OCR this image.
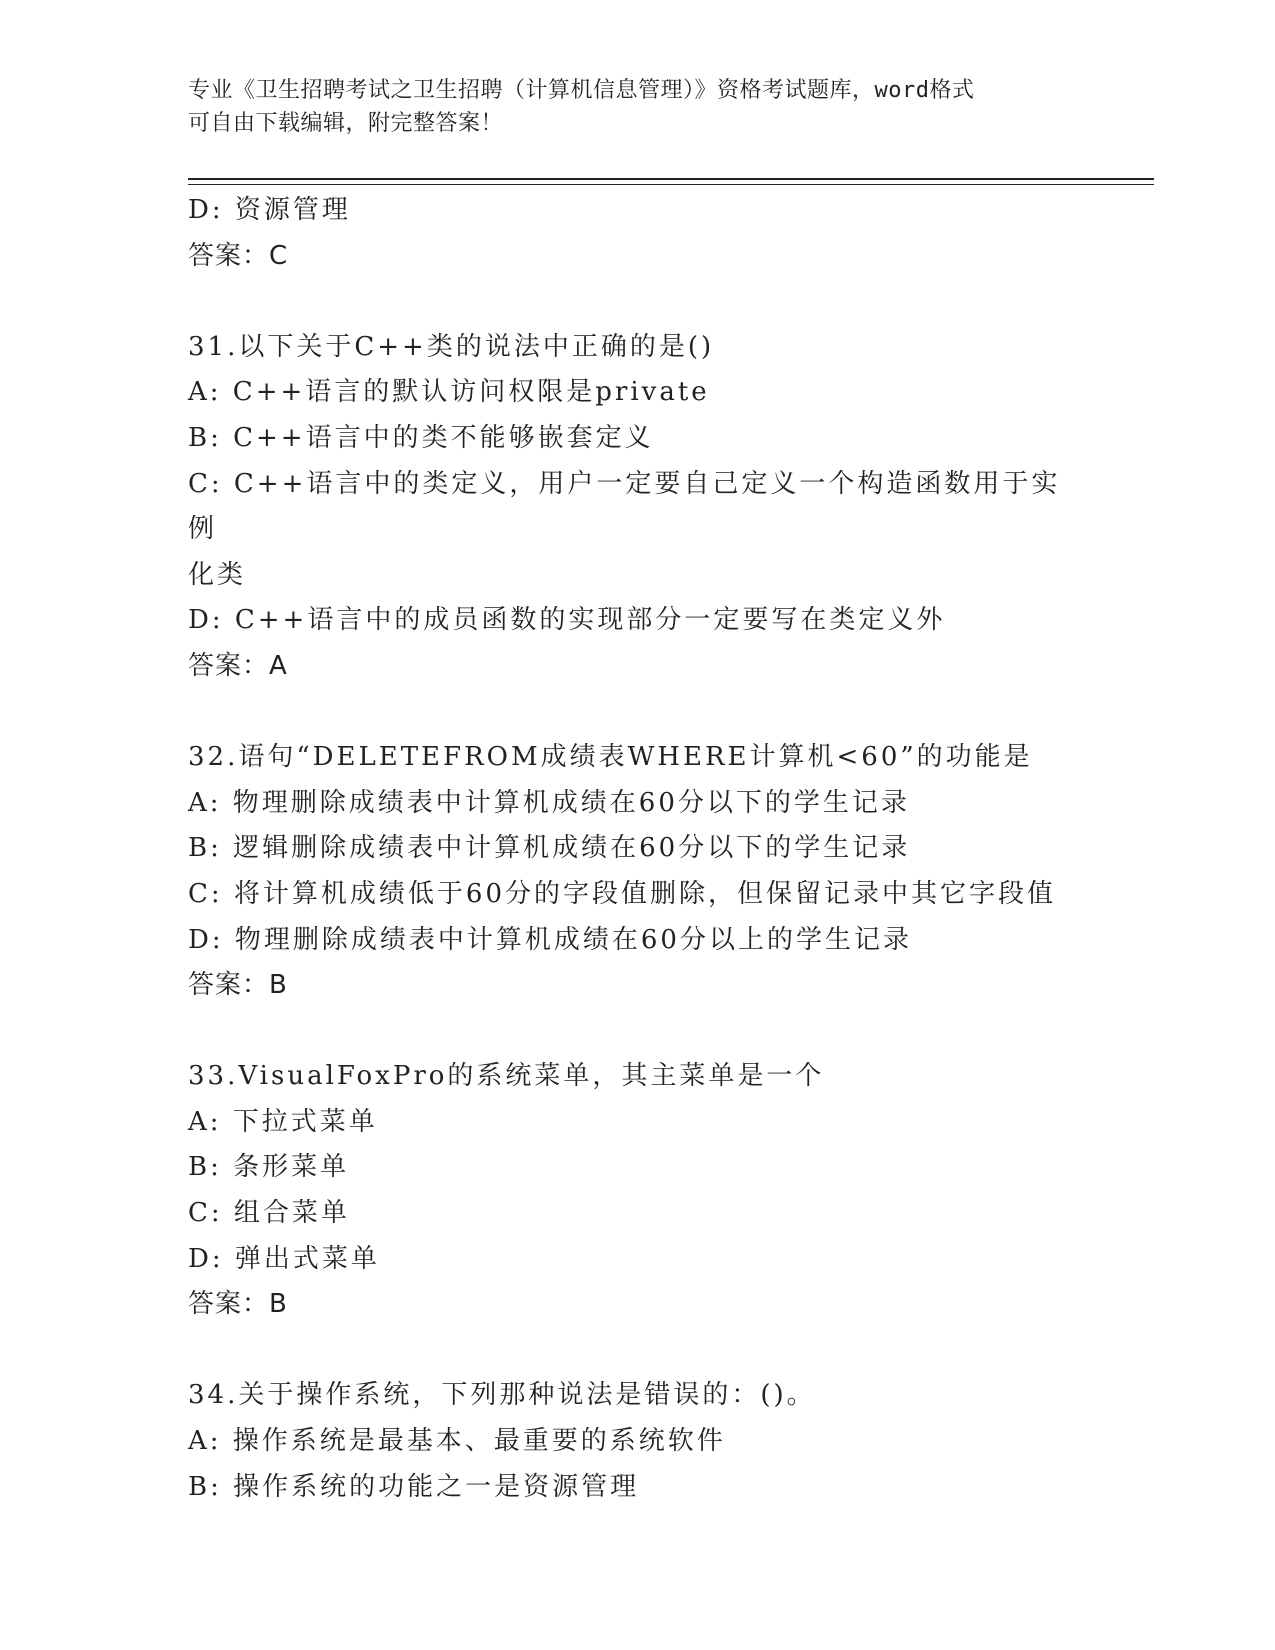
专业《卫生招聘考试之卫生招聘（计算机信息管理）》资格考试题库，word格式
可自由下载编辑，附完整答案！
D: 资源管理
答案：C
31.以下关于C++类的说法中正确的是()
A: C++语言的默认访问权限是private
B: C++语言中的类不能够嵌套定义
C: C++语言中的类定义，用户一定要自己定义一个构造函数用于实例
化类
D: C++语言中的成员函数的实现部分一定要写在类定义外
答案：A
32.语句“DELETEFROM成绩表WHERE计算机<60”的功能是
A: 物理删除成绩表中计算机成绩在60分以下的学生记录
B: 逻辑删除成绩表中计算机成绩在60分以下的学生记录
C: 将计算机成绩低于60分的字段值删除，但保留记录中其它字段值
D: 物理删除成绩表中计算机成绩在60分以上的学生记录
答案：B
33.VisualFoxPro的系统菜单，其主菜单是一个
A: 下拉式菜单
B: 条形菜单
C: 组合菜单
D: 弹出式菜单
答案：B
34.关于操作系统，下列那种说法是错误的：()。
A: 操作系统是最基本、最重要的系统软件
B: 操作系统的功能之一是资源管理
